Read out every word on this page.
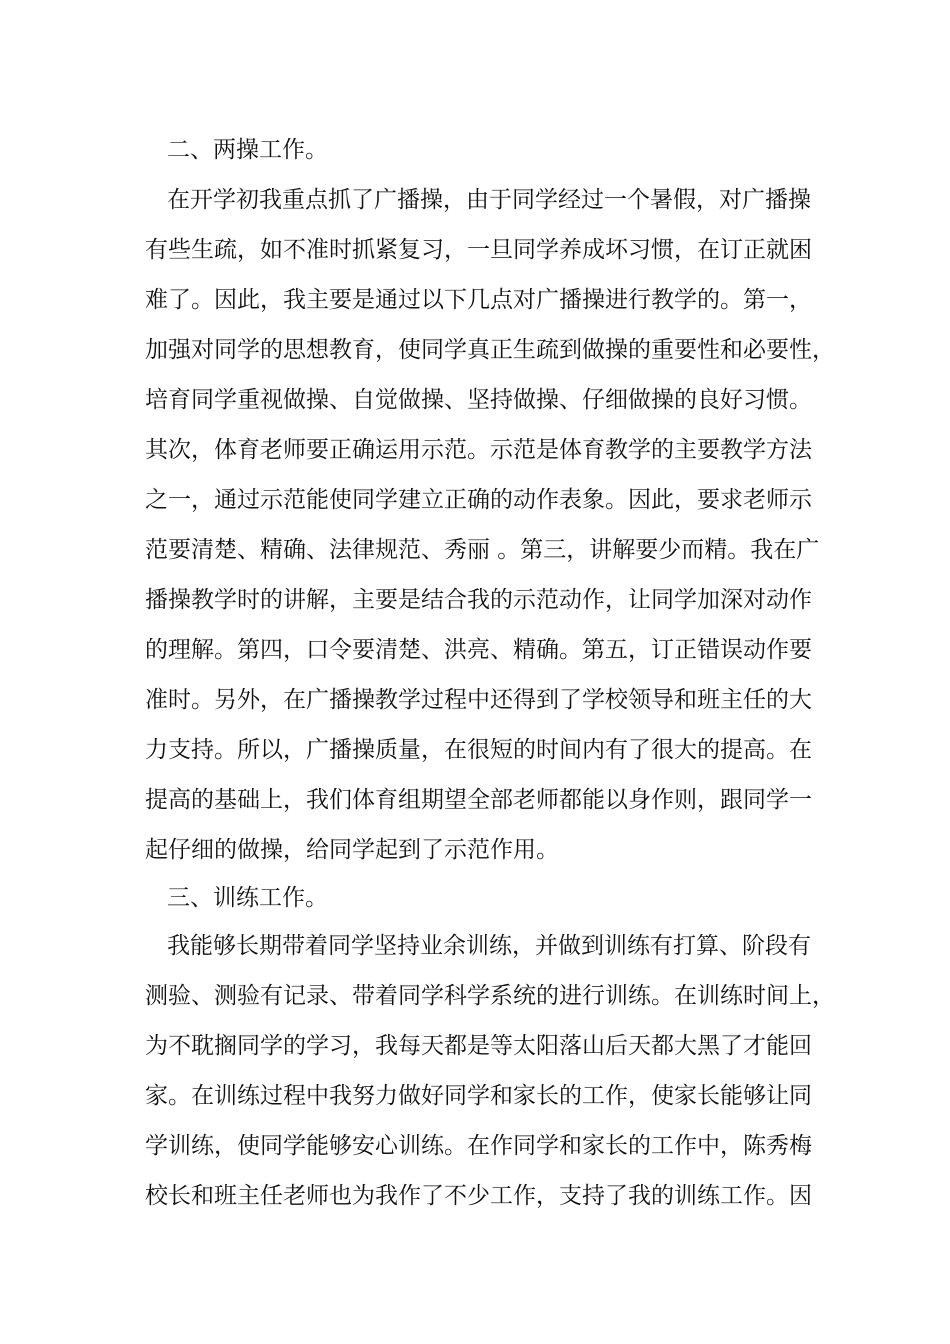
二、两操工作。
在开学初我重点抓了广播操，由于同学经过一个暑假，对广播操
有些生疏，如不准时抓紧复习，一旦同学养成坏习惯，在订正就困
难了。因此，我主要是通过以下几点对广播操进行教学的。第一，
加强对同学的思想教育，使同学真正生疏到做操的重要性和必要性，
培育同学重视做操、自觉做操、坚持做操、仔细做操的良好习惯。
其次，体育老师要正确运用示范。示范是体育教学的主要教学方法
之一，通过示范能使同学建立正确的动作表象。因此，要求老师示
范要清楚、精确、法律规范、秀丽 。第三，讲解要少而精。我在广
播操教学时的讲解，主要是结合我的示范动作，让同学加深对动作
的理解。第四，口令要清楚、洪亮、精确。第五，订正错误动作要
准时。另外，在广播操教学过程中还得到了学校领导和班主任的大
力支持。所以，广播操质量，在很短的时间内有了很大的提高。在
提高的基础上，我们体育组期望全部老师都能以身作则，跟同学一
起仔细的做操，给同学起到了示范作用。
三、训练工作。
我能够长期带着同学坚持业余训练，并做到训练有打算、阶段有
测验、测验有记录、带着同学科学系统的进行训练。在训练时间上，
为不耽搁同学的学习，我每天都是等太阳落山后天都大黑了才能回
家。在训练过程中我努力做好同学和家长的工作，使家长能够让同
学训练，使同学能够安心训练。在作同学和家长的工作中，陈秀梅
校长和班主任老师也为我作了不少工作，支持了我的训练工作。因
